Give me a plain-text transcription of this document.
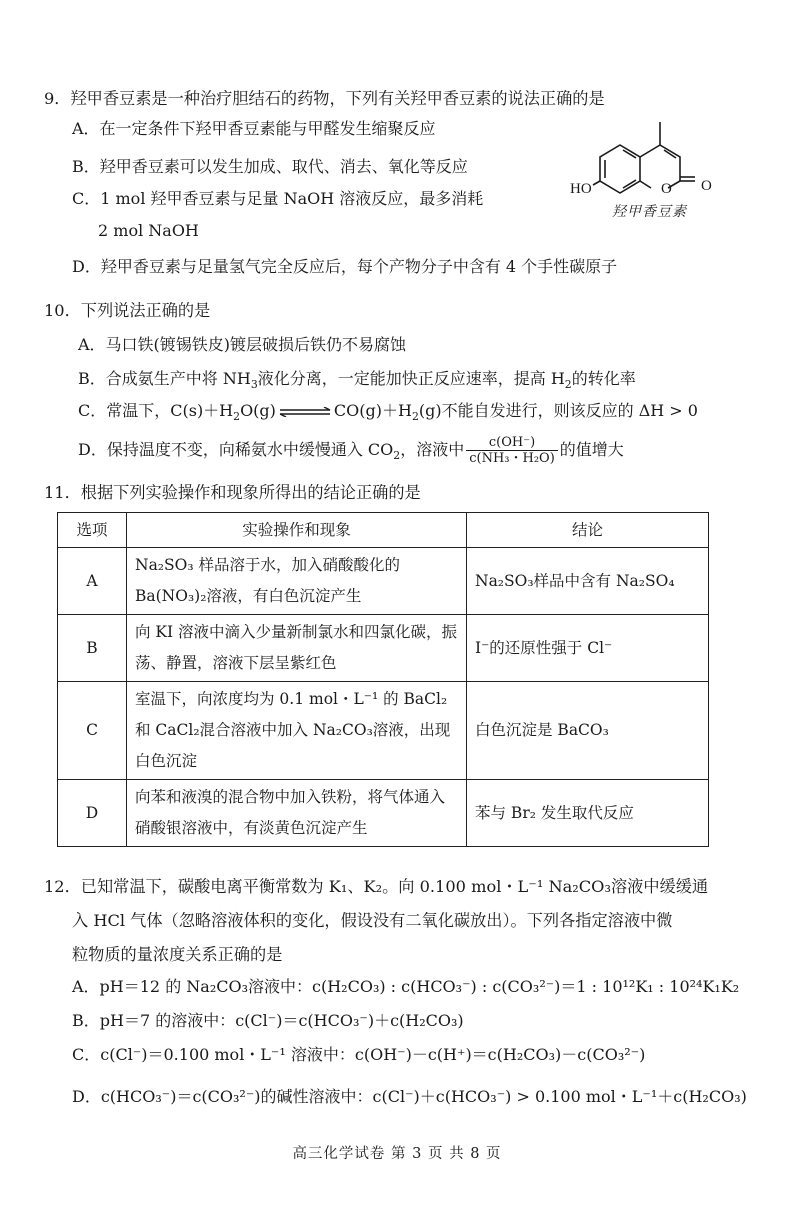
9．羟甲香豆素是一种治疗胆结石的药物，下列有关羟甲香豆素的说法正确的是
A．在一定条件下羟甲香豆素能与甲醛发生缩聚反应
B．羟甲香豆素可以发生加成、取代、消去、氧化等反应
C．1 mol 羟甲香豆素与足量 NaOH 溶液反应，最多消耗
2 mol NaOH
D．羟甲香豆素与足量氢气完全反应后，每个产物分子中含有 4 个手性碳原子
HO	O O
羟甲香豆素
10．下列说法正确的是
A．马口铁(镀锡铁皮)镀层破损后铁仍不易腐蚀
B．合成氨生产中将 $NH_3$液化分离，一定能加快正反应速率，提高 $H_2$的转化率
C．常温下，$C(s)+H_2O(g)$ ⇌ $CO(g)+H_2(g)$不能自发进行，则该反应的 ΔH > 0
D．保持温度不变，向稀氨水中缓慢通入 $CO_2$，溶液中 $\frac{c(OH^-)}{\text{c(NH₃・H₂O)}}$ 的值增大
11．根据下列实验操作和现象所得出的结论正确的是
选项	实验操作和现象	结论
A	Na₂SO₃ 样品溶于水，加入硝酸酸化的 Ba(NO₃)₂溶液，有白色沉淀产生	Na₂SO₃样品中含有 Na₂SO₄
B	向 KI 溶液中滴入少量新制氯水和四氯化碳，振荡、静置，溶液下层呈紫红色	I⁻的还原性强于 Cl⁻
C	室温下，向浓度均为 0.1 mol・L⁻¹ 的 BaCl₂和 CaCl₂混合溶液中加入 Na₂CO₃溶液，出现白色沉淀	白色沉淀是 BaCO₃
D	向苯和液溴的混合物中加入铁粉，将气体通入硝酸银溶液中，有淡黄色沉淀产生	苯与 Br₂ 发生取代反应
12．已知常温下，碳酸电离平衡常数为 K₁、K₂。向 0.100 mol・L⁻¹ Na₂CO₃溶液中缓缓通
入 HCl 气体（忽略溶液体积的变化，假设没有二氧化碳放出）。下列各指定溶液中微
粒物质的量浓度关系正确的是
A．pH＝12 的 Na₂CO₃溶液中：c(H₂CO₃) : c(HCO₃⁻) : c(CO₃²⁻)＝1 : 10¹²K₁ : 10²⁴K₁K₂
B．pH＝7 的溶液中：c(Cl⁻)＝c(HCO₃⁻)＋c(H₂CO₃)
C．c(Cl⁻)＝0.100 mol・L⁻¹ 溶液中：c(OH⁻)－c(H⁺)＝c(H₂CO₃)－c(CO₃²⁻)
D．c(HCO₃⁻)＝c(CO₃²⁻)的碱性溶液中：c(Cl⁻)＋c(HCO₃⁻) > 0.100 mol・L⁻¹＋c(H₂CO₃)
高三化学试卷 第 3 页 共 8 页
